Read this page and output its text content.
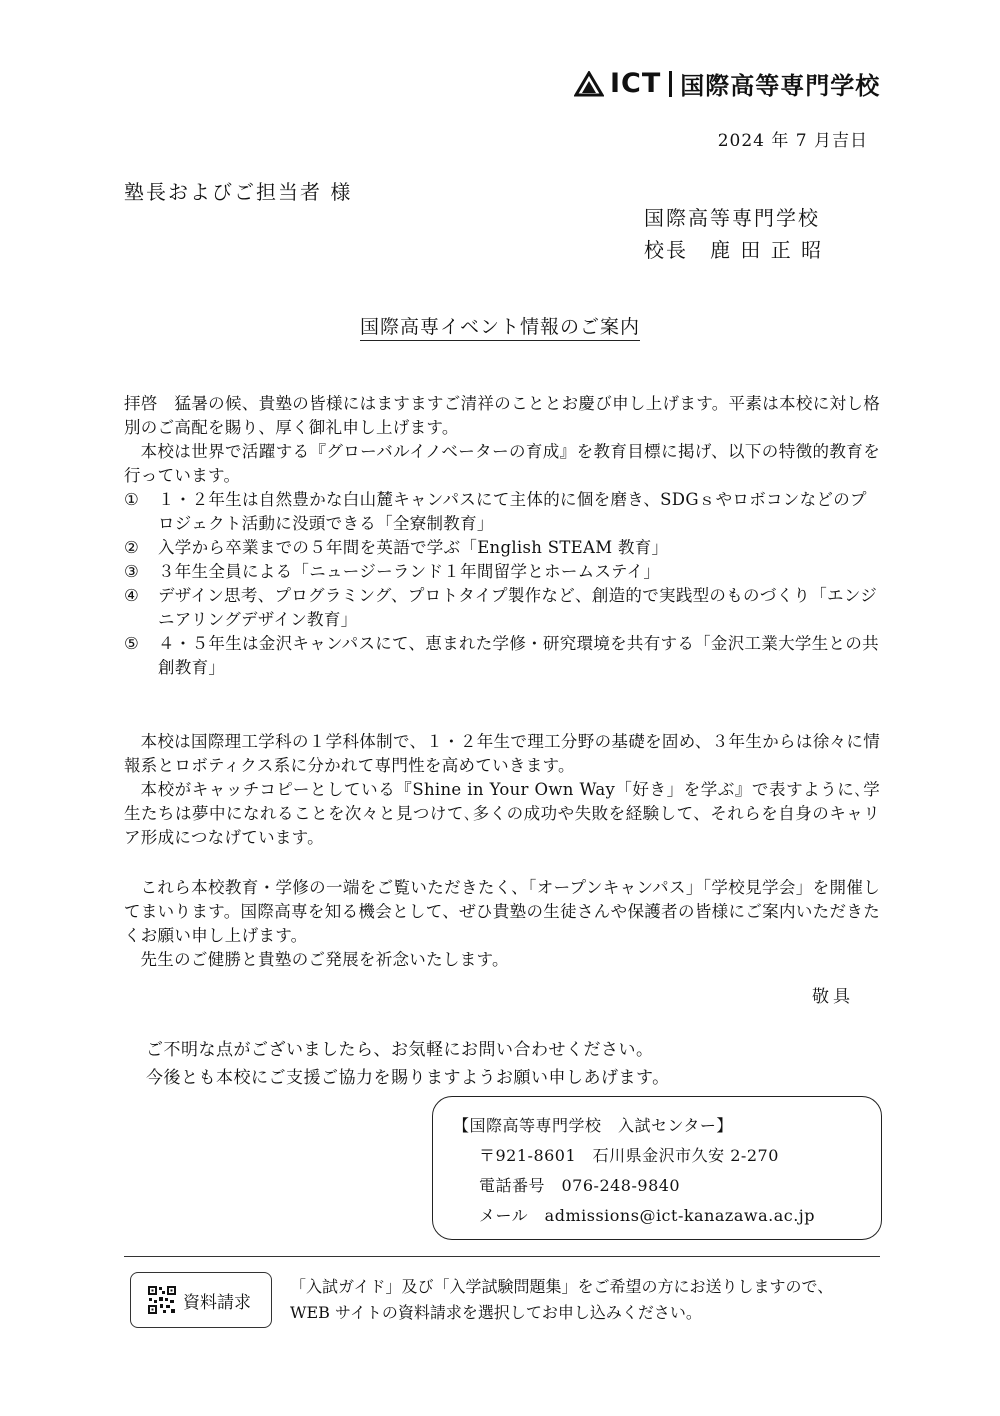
ICT 国際高等専門学校
2024 年 7 月吉日
塾長およびご担当者 様
国際高等専門学校
校長　鹿 田 正 昭
国際高専イベント情報のご案内

拝啓　猛暑の候、貴塾の皆様にはますますご清祥のこととお慶び申し上げます。平素は本校に対し格別のご高配を賜り、厚く御礼申し上げます。

本校は世界で活躍する『グローバルイノベーターの育成』を教育目標に掲げ、以下の特徴的教育を行っています。

① １・２年生は自然豊かな白山麓キャンパスにて主体的に個を磨き、SDGｓやロボコンなどのプロジェクト活動に没頭できる「全寮制教育」
② 入学から卒業までの５年間を英語で学ぶ「English STEAM 教育」
③ ３年生全員による「ニュージーランド１年間留学とホームステイ」
④ デザイン思考、プログラミング、プロトタイプ製作など、創造的で実践型のものづくり「エンジニアリングデザイン教育」
⑤ ４・５年生は金沢キャンパスにて、恵まれた学修・研究環境を共有する「金沢工業大学生との共創教育」

本校は国際理工学科の１学科体制で、１・２年生で理工分野の基礎を固め、３年生からは徐々に情報系とロボティクス系に分かれて専門性を高めていきます。

本校がキャッチコピーとしている『Shine in Your Own Way「好き」を学ぶ』で表すように､学生たちは夢中になれることを次々と見つけて､多くの成功や失敗を経験して、それらを自身のキャリア形成につなげています。

これら本校教育・学修の一端をご覧いただきたく、「オープンキャンパス」「学校見学会」を開催してまいります。国際高専を知る機会として、ぜひ貴塾の生徒さんや保護者の皆様にご案内いただきたくお願い申し上げます。

先生のご健勝と貴塾のご発展を祈念いたします。

敬具
ご不明な点がございましたら、お気軽にお問い合わせください。
今後とも本校にご支援ご協力を賜りますようお願い申しあげます。
【国際高等専門学校　入試センター】
〒921-8601　石川県金沢市久安 2-270
電話番号　076-248-9840
メール　admissions@ict-kanazawa.ac.jp
資料請求
「入試ガイド」及び「入学試験問題集」をご希望の方にお送りしますので、WEB サイトの資料請求を選択してお申し込みください。
